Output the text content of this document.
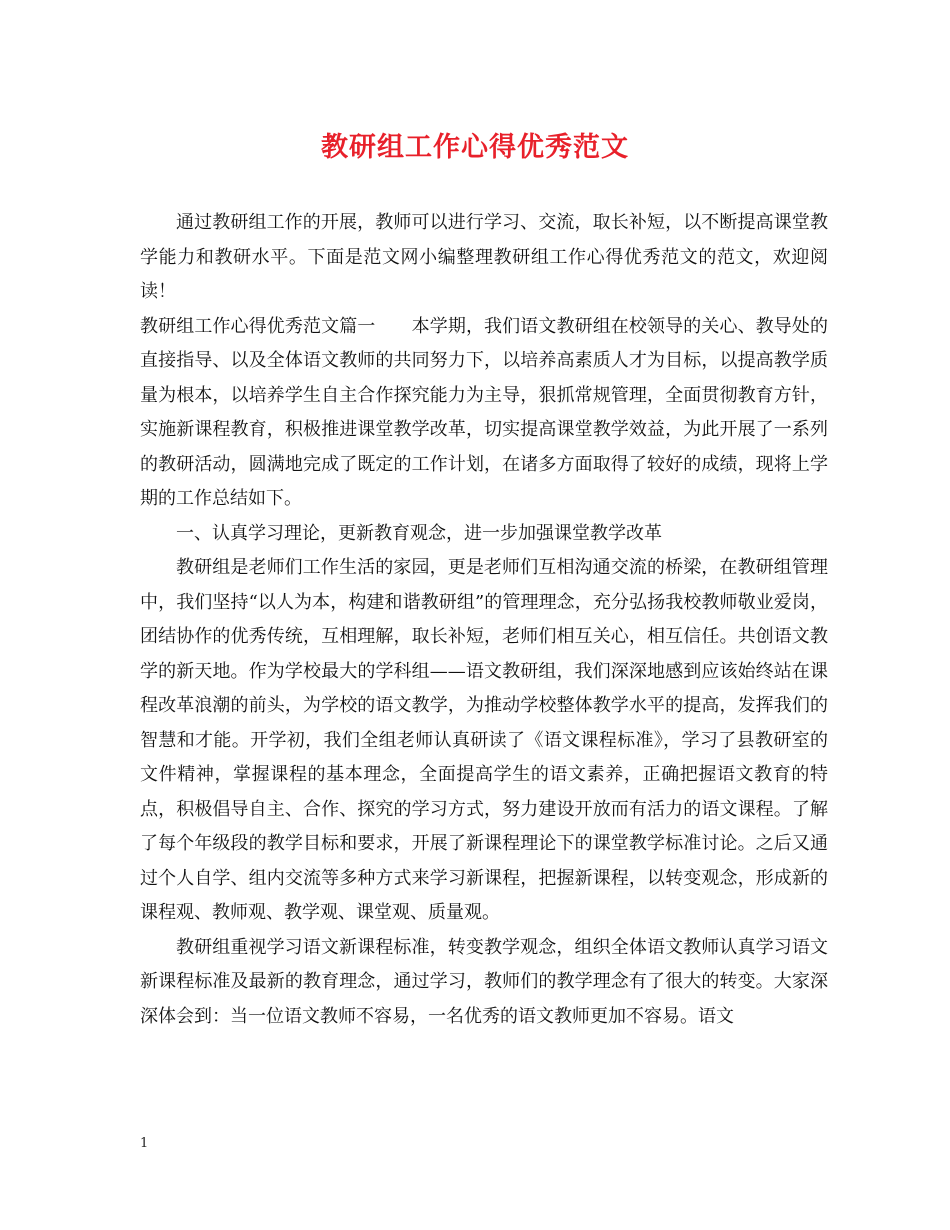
教研组工作心得优秀范文

通过教研组工作的开展，教师可以进行学习、交流，取长补短，以不断提高课堂教学能力和教研水平。下面是范文网小编整理教研组工作心得优秀范文的范文，欢迎阅读！

教研组工作心得优秀范文篇一　　本学期，我们语文教研组在校领导的关心、教导处的直接指导、以及全体语文教师的共同努力下，以培养高素质人才为目标，以提高教学质量为根本，以培养学生自主合作探究能力为主导，狠抓常规管理，全面贯彻教育方针，实施新课程教育，积极推进课堂教学改革，切实提高课堂教学效益，为此开展了一系列的教研活动，圆满地完成了既定的工作计划，在诸多方面取得了较好的成绩，现将上学期的工作总结如下。

一、认真学习理论，更新教育观念，进一步加强课堂教学改革

教研组是老师们工作生活的家园，更是老师们互相沟通交流的桥梁，在教研组管理中，我们坚持“以人为本，构建和谐教研组”的管理理念，充分弘扬我校教师敬业爱岗，团结协作的优秀传统，互相理解，取长补短，老师们相互关心，相互信任。共创语文教学的新天地。作为学校最大的学科组——语文教研组，我们深深地感到应该始终站在课程改革浪潮的前头，为学校的语文教学，为推动学校整体教学水平的提高，发挥我们的智慧和才能。开学初，我们全组老师认真研读了《语文课程标准》，学习了县教研室的文件精神，掌握课程的基本理念，全面提高学生的语文素养，正确把握语文教育的特点，积极倡导自主、合作、探究的学习方式，努力建设开放而有活力的语文课程。了解了每个年级段的教学目标和要求，开展了新课程理论下的课堂教学标准讨论。之后又通过个人自学、组内交流等多种方式来学习新课程，把握新课程，以转变观念，形成新的课程观、教师观、教学观、课堂观、质量观。

教研组重视学习语文新课程标准，转变教学观念，组织全体语文教师认真学习语文新课程标准及最新的教育理念，通过学习，教师们的教学理念有了很大的转变。大家深深体会到：当一位语文教师不容易，一名优秀的语文教师更加不容易。语文

1
